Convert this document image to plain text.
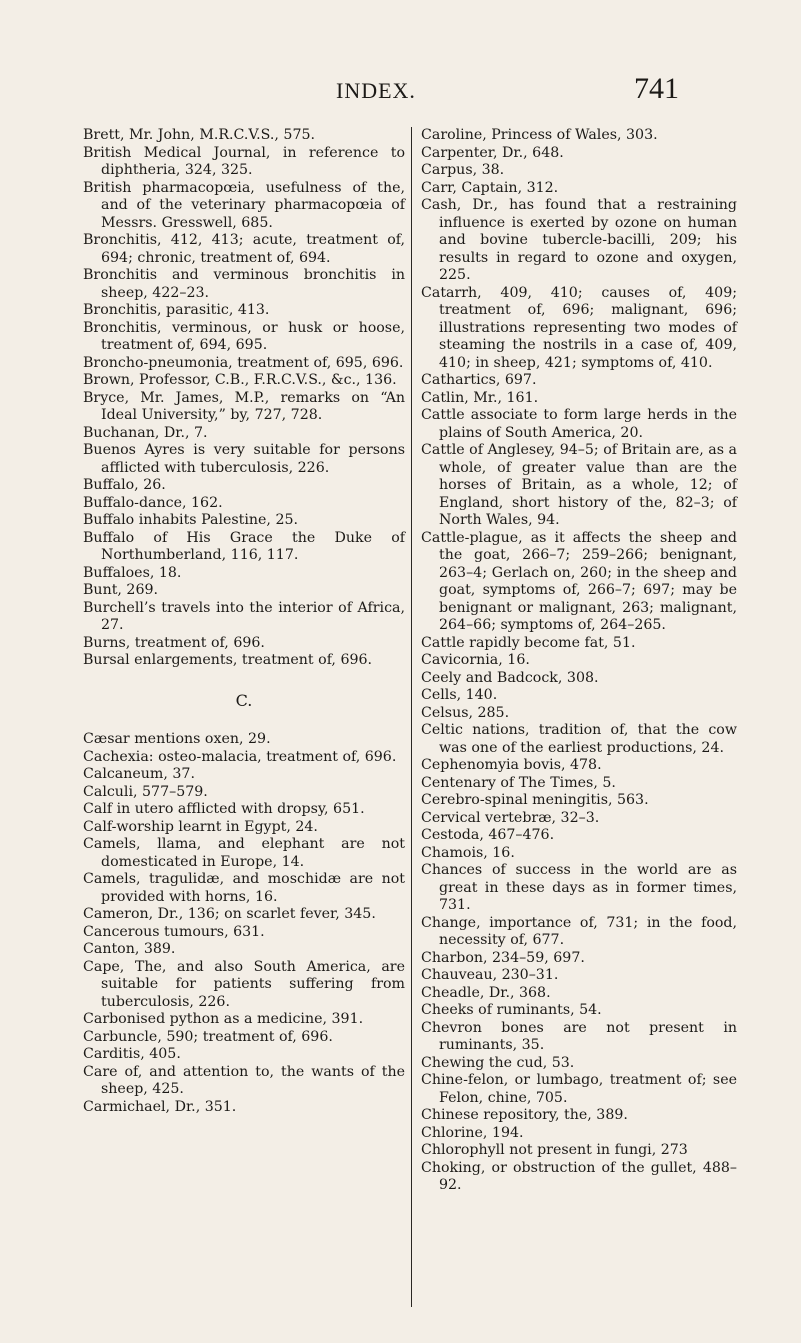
INDEX.	741

Brett, Mr. John, M.R.C.V.S., 575.

British Medical Journal, in reference to diphtheria, 324, 325.

British pharmacopœia, usefulness of the, and of the veterinary pharmacopœia of Messrs. Gresswell, 685.

Bronchitis, 412, 413; acute, treatment of, 694; chronic, treatment of, 694.

Bronchitis and verminous bronchitis in sheep, 422–23.

Bronchitis, parasitic, 413.

Bronchitis, verminous, or husk or hoose, treatment of, 694, 695.

Broncho-pneumonia, treatment of, 695, 696.

Brown, Professor, C.B., F.R.C.V.S., &c., 136.

Bryce, Mr. James, M.P., remarks on “An Ideal University,” by, 727, 728.

Buchanan, Dr., 7.

Buenos Ayres is very suitable for persons afflicted with tuberculosis, 226.

Buffalo, 26.

Buffalo-dance, 162.

Buffalo inhabits Palestine, 25.

Buffalo of His Grace the Duke of Northumberland, 116, 117.

Buffaloes, 18.

Bunt, 269.

Burchell’s travels into the interior of Africa, 27.

Burns, treatment of, 696.

Bursal enlargements, treatment of, 696.

C.

Cæsar mentions oxen, 29.

Cachexia: osteo-malacia, treatment of, 696.

Calcaneum, 37.

Calculi, 577–579.

Calf in utero afflicted with dropsy, 651.

Calf-worship learnt in Egypt, 24.

Camels, llama, and elephant are not domesticated in Europe, 14.

Camels, tragulidæ, and moschidæ are not provided with horns, 16.

Cameron, Dr., 136; on scarlet fever, 345.

Cancerous tumours, 631.

Canton, 389.

Cape, The, and also South America, are suitable for patients suffering from tuberculosis, 226.

Carbonised python as a medicine, 391.

Carbuncle, 590; treatment of, 696.

Carditis, 405.

Care of, and attention to, the wants of the sheep, 425.

Carmichael, Dr., 351.

Caroline, Princess of Wales, 303.

Carpenter, Dr., 648.

Carpus, 38.

Carr, Captain, 312.

Cash, Dr., has found that a restraining influence is exerted by ozone on human and bovine tubercle-bacilli, 209; his results in regard to ozone and oxygen, 225.

Catarrh, 409, 410; causes of, 409; treatment of, 696; malignant, 696; illustrations representing two modes of steaming the nostrils in a case of, 409, 410; in sheep, 421; symptoms of, 410.

Cathartics, 697.

Catlin, Mr., 161.

Cattle associate to form large herds in the plains of South America, 20.

Cattle of Anglesey, 94–5; of Britain are, as a whole, of greater value than are the horses of Britain, as a whole, 12; of England, short history of the, 82–3; of North Wales, 94.

Cattle-plague, as it affects the sheep and the goat, 266–7; 259–266; benignant, 263–4; Gerlach on, 260; in the sheep and goat, symptoms of, 266–7; 697; may be benignant or malignant, 263; malignant, 264–66; symptoms of, 264–265.

Cattle rapidly become fat, 51.

Cavicornia, 16.

Ceely and Badcock, 308.

Cells, 140.

Celsus, 285.

Celtic nations, tradition of, that the cow was one of the earliest productions, 24.

Cephenomyia bovis, 478.

Centenary of The Times, 5.

Cerebro-spinal meningitis, 563.

Cervical vertebræ, 32–3.

Cestoda, 467–476.

Chamois, 16.

Chances of success in the world are as great in these days as in former times, 731.

Change, importance of, 731; in the food, necessity of, 677.

Charbon, 234–59, 697.

Chauveau, 230–31.

Cheadle, Dr., 368.

Cheeks of ruminants, 54.

Chevron bones are not present in ruminants, 35.

Chewing the cud, 53.

Chine-felon, or lumbago, treatment of; see Felon, chine, 705.

Chinese repository, the, 389.

Chlorine, 194.

Chlorophyll not present in fungi, 273

Choking, or obstruction of the gullet, 488–92.
